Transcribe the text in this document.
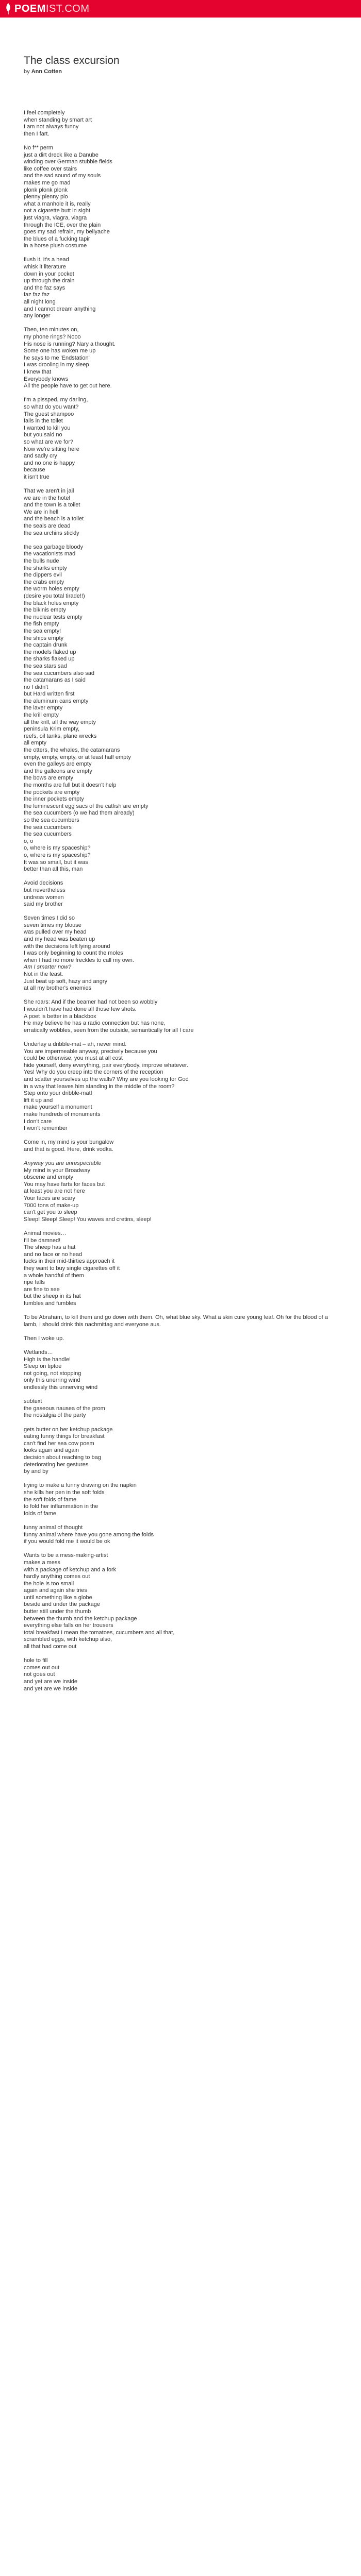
POEMIST.COM
The class excursion
by Ann Cotten
I feel completely
when standing by smart art
I am not always funny
then I fart.
No f** perm
just a dirt dreck like a Danube
winding over German stubble fields
like coffee over stairs
and the sad sound of my souls
makes me go mad
plonk plonk plonk
plenny plenny plo
what a manhole it is, really
not a cigarette butt in sight
just viagra, viagra, viagra
through the ICE, over the plain
goes my sad refrain, my bellyache
the blues of a fucking tapir
in a horse plush costume
flush it, it's a head
whisk it literature
down in your pocket
up through the drain
and the faz says
faz faz faz
all night long
and I cannot dream anything
any longer
Then, ten minutes on,
my phone rings? Nooo
His nose is running? Nary a thought.
Some one has woken me up
he says to me 'Endstation'
I was drooling in my sleep
I knew that
Everybody knows
All the people have to get out here.
I'm a pissped, my darling,
so what do you want?
The guest shampoo
falls in the toilet
I wanted to kill you
but you said no
so what are we for?
Now we're sitting here
and sadly cry
and no one is happy
because
it isn't true
That we aren't in jail
we are in the hotel
and the town is a toilet
We are in hell
and the beach is a toilet
the seals are dead
the sea urchins stickly
the sea garbage bloody
the vacationists mad
the bulls nude
the sharks empty
the dippers evil
the crabs empty
the worm holes empty
(desire you total tirade!!)
the black holes empty
the bikinis empty
the nuclear tests empty
the fish empty
the sea empty!
the ships empty
the captain drunk
the models flaked up
the sharks flaked up
the sea stars sad
the sea cucumbers also sad
the catamarans as I said
no I didn't
but Hard written first
the aluminum cans empty
the laver empty
the krill empty
all the krill, all the way empty
peninsula Krim empty,
reefs, oil tanks, plane wrecks
all empty
the otters, the whales, the catamarans
empty, empty, empty, or at least half empty
even the galleys are empty
and the galleons are empty
the bows are empty
the months are full but it doesn't help
the pockets are empty
the inner pockets empty
the luminescent egg sacs of the catfish are empty
the sea cucumbers (o we had them already)
so the sea cucumbers
the sea cucumbers
the sea cucumbers
o, o
o, where is my spaceship?
o, where is my spaceship?
It was so small, but it was
better than all this, man
Avoid decisions
but nevertheless
undress women
said my brother
Seven times I did so
seven times my blouse
was pulled over my head
and my head was beaten up
with the decisions left lying around
I was only beginning to count the moles
when I had no more freckles to call my own.
Am I smarter now?
Not in the least.
Just beat up soft, hazy and angry
at all my brother's enemies
She roars: And if the beamer had not been so wobbly
I wouldn't have had done all those few shots.
A poet is better in a blackbox
He may believe he has a radio connection but has none,
erratically wobbles, seen from the outside, semantically for all I care
Underlay a dribble-mat – ah, never mind.
You are impermeable anyway, precisely because you
could be otherwise, you must at all cost
hide yourself, deny everything, pair everybody, improve whatever.
Yes! Why do you creep into the corners of the reception
and scatter yourselves up the walls? Why are you looking for God
in a way that leaves him standing in the middle of the room?
Step onto your dribble-mat!
lift it up and
make yourself a monument
make hundreds of monuments
I don't care
I won't remember
Come in, my mind is your bungalow
and that is good. Here, drink vodka.
Anyway you are unrespectable
My mind is your Broadway
obscene and empty
You may have farts for faces but
at least you are not here
Your faces are scary
7000 tons of make-up
can't get you to sleep
Sleep! Sleep! Sleep! You waves and cretins, sleep!
Animal movies…
I'll be damned!
The sheep has a hat
and no face or no head
fucks in their mid-thirties approach it
they want to buy single cigarettes off it
a whole handful of them
ripe falls
are fine to see
but the sheep in its hat
fumbles and fumbles
To be Abraham, to kill them and go down with them. Oh, what blue sky. What a skin cure young leaf. Oh for the blood of a lamb, I should drink this nachmittag and everyone aus.
Then I woke up.
Wetlands…
High is the handle!
Sleep on tiptoe
not going, not stopping
only this unerring wind
endlessly this unnerving wind
subtext
the gaseous nausea of the prom
the nostalgia of the party
gets butter on her ketchup package
eating funny things for breakfast
can't find her sea cow poem
looks again and again
decision about reaching to bag
deteriorating her gestures
by and by
trying to make a funny drawing on the napkin
she kills her pen in the soft folds
the soft folds of fame
to fold her inflammation in the
folds of fame
funny animal of thought
funny animal where have you gone among the folds
if you would fold me it would be ok
Wants to be a mess-making-artist
makes a mess
with a package of ketchup and a fork
hardly anything comes out
the hole is too small
again and again she tries
until something like a globe
beside and under the package
butter still under the thumb
between the thumb and the ketchup package
everything else falls on her trousers
total breakfast I mean the tomatoes, cucumbers and all that,
scrambled eggs, with ketchup also,
all that had come out
hole to fill
comes out out
not goes out
and yet are we inside
and yet are we inside
